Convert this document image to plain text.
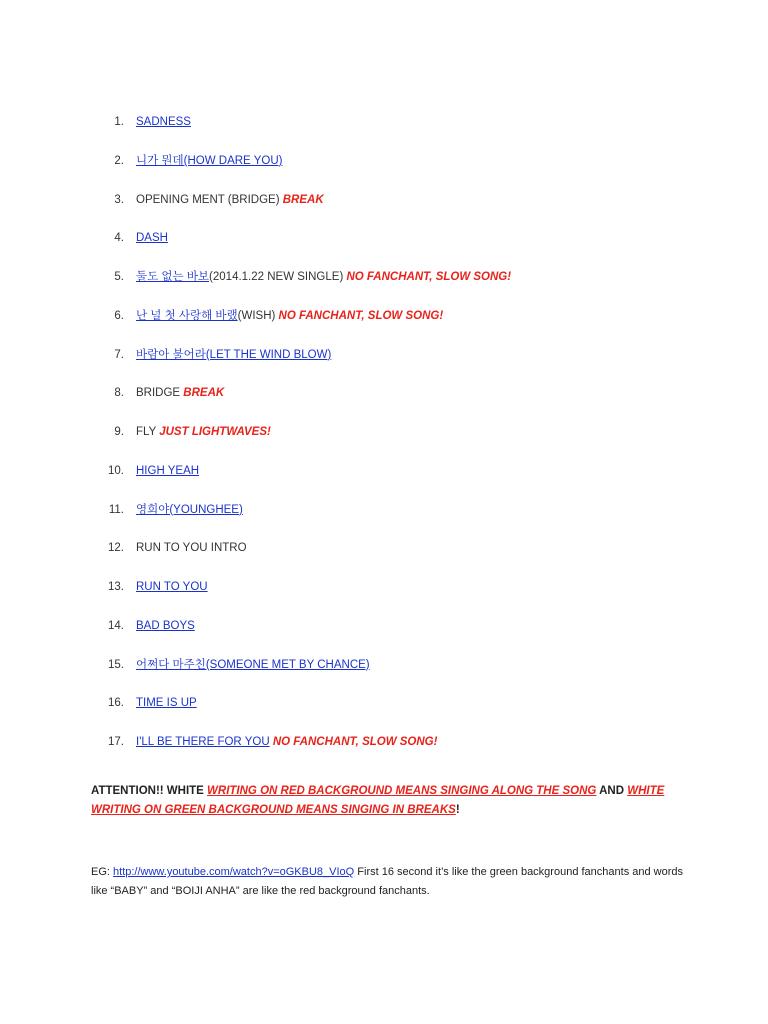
1. SADNESS
2. 니가 뭔데(HOW DARE YOU)
3. OPENING MENT (BRIDGE) BREAK
4. DASH
5. 둘도 없는 바보(2014.1.22 NEW SINGLE) NO FANCHANT, SLOW SONG!
6. 난 널 첫 사랑해 바랬(WISH) NO FANCHANT, SLOW SONG!
7. 바람아 불어라(LET THE WIND BLOW)
8. BRIDGE BREAK
9. FLY JUST LIGHTWAVES!
10. HIGH YEAH
11. 영희야(YOUNGHEE)
12. RUN TO YOU INTRO
13. RUN TO YOU
14. BAD BOYS
15. 어쩌다 마주친(SOMEONE MET BY CHANCE)
16. TIME IS UP
17. I'LL BE THERE FOR YOU NO FANCHANT, SLOW SONG!

ATTENTION!! WHITE WRITING ON RED BACKGROUND MEANS SINGING ALONG THE SONG AND WHITE WRITING ON GREEN BACKGROUND MEANS SINGING IN BREAKS!

EG: http://www.youtube.com/watch?v=oGKBU8_VIoQ First 16 second it’s like the green background fanchants and words like “BABY” and “BOIJI ANHA” are like the red background fanchants.
